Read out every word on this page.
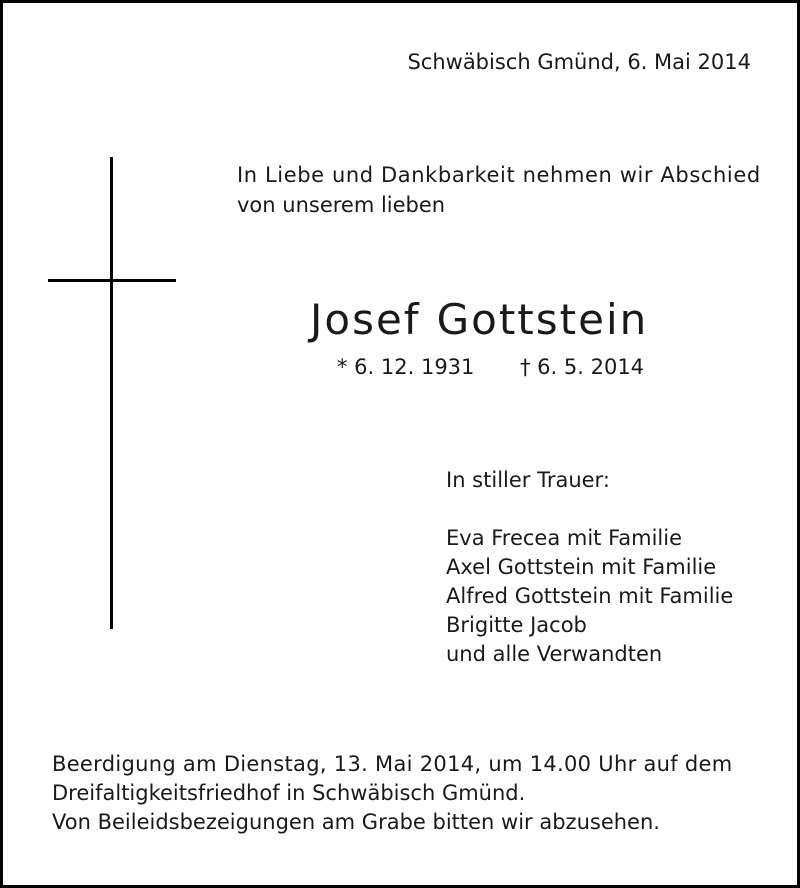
Schwäbisch Gmünd, 6. Mai 2014
In Liebe und Dankbarkeit nehmen wir Abschied
von unserem lieben
Josef Gottstein
* 6. 12. 1931 † 6. 5. 2014
In stiller Trauer:
Eva Frecea mit Familie
Axel Gottstein mit Familie
Alfred Gottstein mit Familie
Brigitte Jacob
und alle Verwandten
Beerdigung am Dienstag, 13. Mai 2014, um 14.00 Uhr auf dem
Dreifaltigkeitsfriedhof in Schwäbisch Gmünd.
Von Beileidsbezeigungen am Grabe bitten wir abzusehen.
